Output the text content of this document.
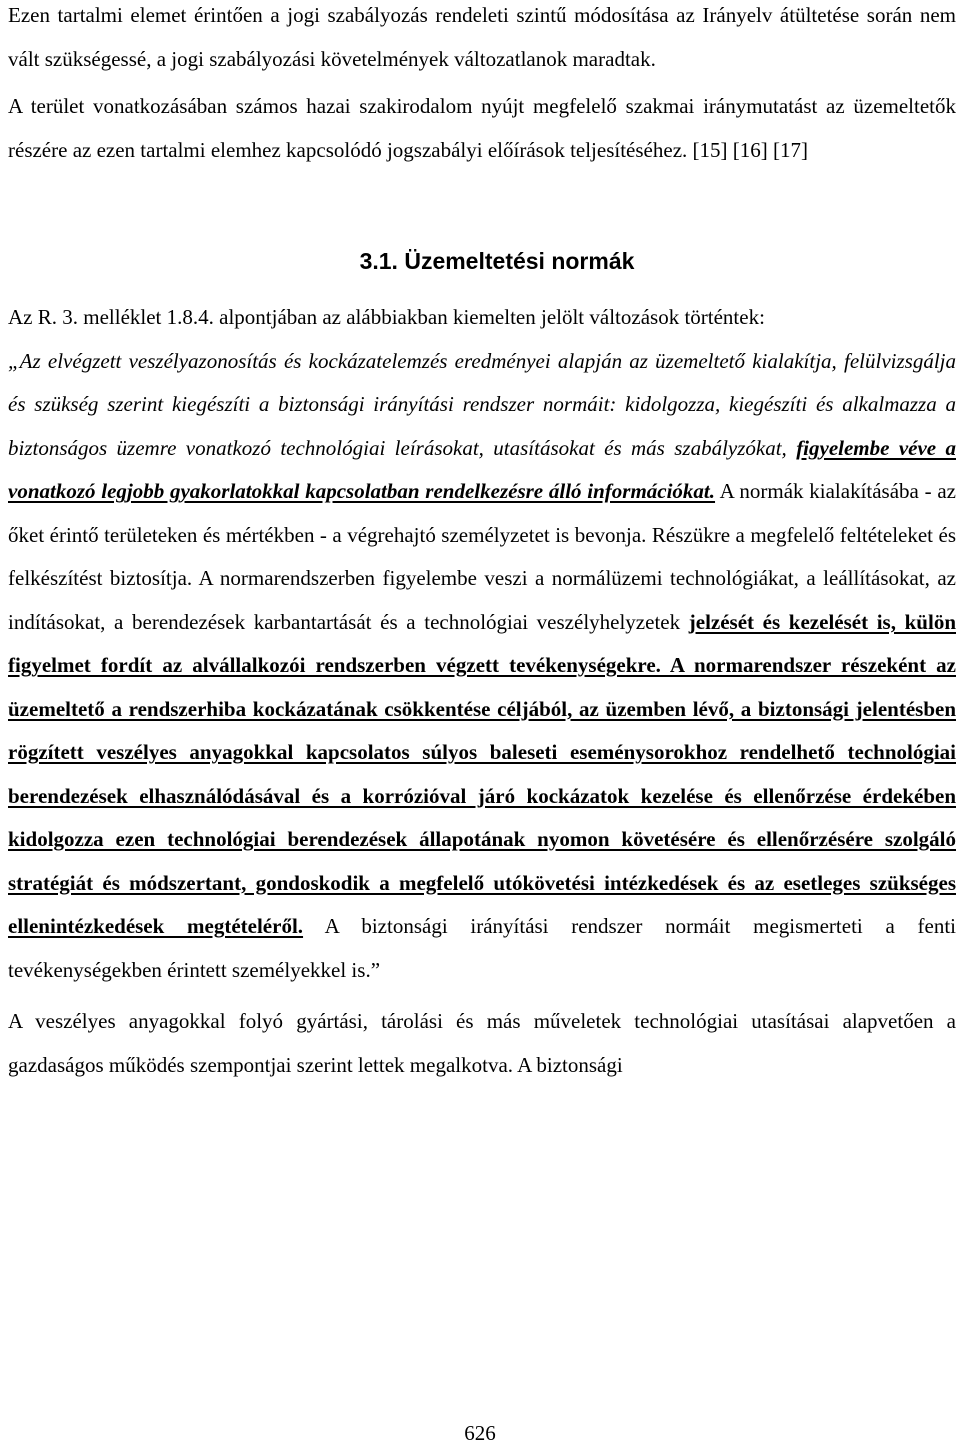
Ezen tartalmi elemet érintően a jogi szabályozás rendeleti szintű módosítása az Irányelv átültetése során nem vált szükségessé, a jogi szabályozási követelmények változatlanok maradtak.

A terület vonatkozásában számos hazai szakirodalom nyújt megfelelő szakmai iránymutatást az üzemeltetők részére az ezen tartalmi elemhez kapcsolódó jogszabályi előírások teljesítéséhez. [15] [16] [17]

3.1. Üzemeltetési normák

Az R. 3. melléklet 1.8.4. alpontjában az alábbiakban kiemelten jelölt változások történtek:
„Az elvégzett veszélyazonosítás és kockázatelemzés eredményei alapján az üzemeltető kialakítja, felülvizsgálja és szükség szerint kiegészíti a biztonsági irányítási rendszer normáit: kidolgozza, kiegészíti és alkalmazza a biztonságos üzemre vonatkozó technológiai leírásokat, utasításokat és más szabályzókat, figyelembe véve a vonatkozó legjobb gyakorlatokkal kapcsolatban rendelkezésre álló információkat. A normák kialakításába - az őket érintő területeken és mértékben - a végrehajtó személyzetet is bevonja. Részükre a megfelelő feltételeket és felkészítést biztosítja. A normarendszerben figyelembe veszi a normálüzemi technológiákat, a leállításokat, az indításokat, a berendezések karbantartását és a technológiai veszélyhelyzetek jelzését és kezelését is, külön figyelmet fordít az alvállalkozói rendszerben végzett tevékenységekre. A normarendszer részeként az üzemeltető a rendszerhiba kockázatának csökkentése céljából, az üzemben lévő, a biztonsági jelentésben rögzített veszélyes anyagokkal kapcsolatos súlyos baleseti eseménysorokhoz rendelhető technológiai berendezések elhasználódásával és a korrózióval járó kockázatok kezelése és ellenőrzése érdekében kidolgozza ezen technológiai berendezések állapotának nyomon követésére és ellenőrzésére szolgáló stratégiát és módszertant, gondoskodik a megfelelő utókövetési intézkedések és az esetleges szükséges ellenintézkedések megtételéről. A biztonsági irányítási rendszer normáit megismerteti a fenti tevékenységekben érintett személyekkel is.”

A veszélyes anyagokkal folyó gyártási, tárolási és más műveletek technológiai utasításai alapvetően a gazdaságos működés szempontjai szerint lettek megalkotva. A biztonsági

626
